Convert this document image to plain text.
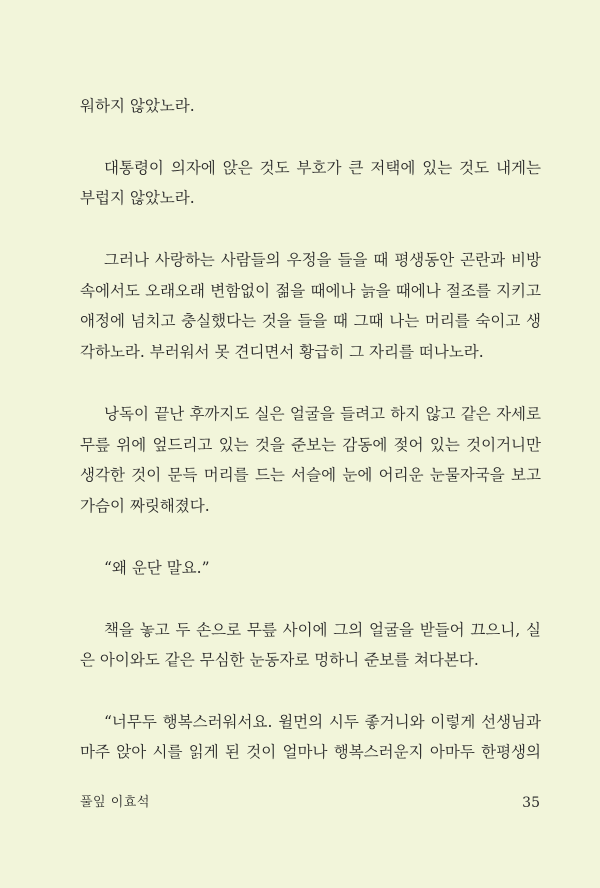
워하지 않았노라.
대통령이 의자에 앉은 것도 부호가 큰 저택에 있는 것도 내게는
부럽지 않았노라.
그러나 사랑하는 사람들의 우정을 들을 때 평생동안 곤란과 비방
속에서도 오래오래 변함없이 젊을 때에나 늙을 때에나 절조를 지키고
애정에 넘치고 충실했다는 것을 들을 때 그때 나는 머리를 숙이고 생
각하노라. 부러워서 못 견디면서 황급히 그 자리를 떠나노라.
낭독이 끝난 후까지도 실은 얼굴을 들려고 하지 않고 같은 자세로
무릎 위에 엎드리고 있는 것을 준보는 감동에 젖어 있는 것이거니만
생각한 것이 문득 머리를 드는 서슬에 눈에 어리운 눈물자국을 보고
가슴이 짜릿해졌다.
“왜 운단 말요.”
책을 놓고 두 손으로 무릎 사이에 그의 얼굴을 받들어 끄으니, 실
은 아이와도 같은 무심한 눈동자로 멍하니 준보를 쳐다본다.
“너무두 행복스러워서요. 윌먼의 시두 좋거니와 이렇게 선생님과
마주 앉아 시를 읽게 된 것이 얼마나 행복스러운지 아마두 한평생의
풀잎 이효석	35
